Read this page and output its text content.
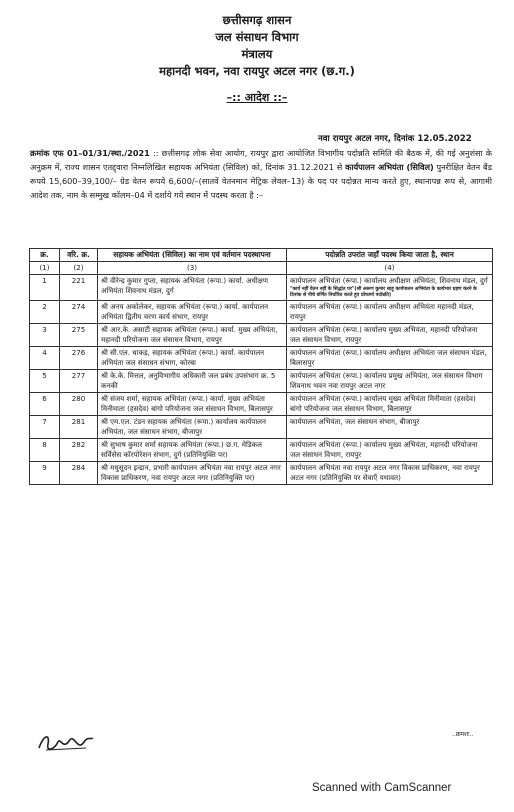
छत्तीसगढ़ शासन
जल संसाधन विभाग
मंत्रालय
महानदी भवन, नवा रायपुर अटल नगर (छ.ग.)
–:: आदेश ::–
नवा रायपुर अटल नगर, दिनांक 12.05.2022
क्रमांक एफ 01–01/31/स्था./2021 :: छत्तीसगढ़ लोक सेवा आयोग, रायपुर द्वारा आयोजित विभागीय पदोन्नति समिति की बैठक में, की गई अनुशंसा के अनुक्रम में, राज्य शासन एतद्द्वारा निम्नलिखित सहायक अभियंता (सिविल) को, दिनांक 31.12.2021 से कार्यपालन अभियंता (सिविल) पुनरीक्षित वेतन बैंड रूपये 15,600–39,100/– ग्रेड वेतन रूपये 6,600/–(सातवें वेतनमान मेट्रिक लेवल–13) के पद पर पदोन्नत मान्य करते हुए, स्थानापन्न रूप से, आगामी आदेश तक, नाम के सम्मुख कॉलम–04 में दर्शाये गये स्थान में पदस्थ करता है :–
क्र.	वरि. क्र.	सहायक अभियंता (सिविल) का नाम एवं वर्तमान पदस्थापना	पदोन्नति उपरांत जहाँ पदस्थ किया जाता है, स्थान
(1)	(2)	(3)	(4)
1	221	श्री वीरेन्द्र कुमार गुप्ता, सहायक अभियंता (रूपा.) कार्या. अधीक्षण अभियंता शिवनाथ मंडल, दुर्ग	कार्यपालन अभियंता (रूपा.) कार्यालय अधीक्षण अभियंता, शिवनाथ मंडल, दुर्ग
"कार्य नहीं वेतन नहीं के सिद्धांत पर"(श्री अरूण कुमार साहू कार्यपालन अभियंता के कार्यभार ग्रहण करने के दिनांक से नीचे वर्णित निर्धारित करते हुए प्रोफार्मा पदोन्नति)

2	274	श्री अनय अकोलेकर, सहायक अभियंता (रूपा.) कार्या. कार्यपालन अभियंता द्वितीय चरण कार्य संभाग, रायपुर	कार्यपालन अभियंता (रूपा.) कार्यालय अधीक्षण अभियंता महानदी मंडल, रायपुर
3	275	श्री आर.के. असाटी सहायक अभियंता (रूपा.) कार्या. मुख्य अभियंता, महानदी परियोजना जल संसाधन विभाग, रायपुर	कार्यपालन अभियंता (रूपा.) कार्यालय मुख्य अभियंता, महानदी परियोजना जल संसाधन विभाग, रायपुर
4	276	श्री सी.एल. धाकड़, सहायक अभियंता (रूपा.) कार्या. कार्यपालन अभियंता जल संसाधन संभाग, कोरबा	कार्यपालन अभियंता (रूपा.) कार्यालय अधीक्षण अभियंता जल संसाधन मंडल, बिलासपुर
5	277	श्री के.के. मित्तल, अनुविभागीय अधिकारी जल प्रबंध उपसंभाग क्र. 5 कनकी	कार्यपालन अभियंता (रूपा.) कार्यालय प्रमुख अभियंता, जल संसाधन विभाग शिवनाथ भवन नवा रायपुर अटल नगर
6	280	श्री संजय शर्मा, सहायक अभियंता (रूपा.) कार्या. मुख्य अभियंता मिनीमाता (हसदेव) बांगो परियोजना जल संसाधन विभाग, बिलासपुर	कार्यपालन अभियंता (रूपा.) कार्यालय मुख्य अभियंता मिनीमाता (हसदेव) बांगो परियोजना जल संसाधन विभाग, बिलासपुर
7	281	श्री एम.एल. टंडन सहायक अभियंता (रूपा.) कार्यालय कार्यपालन अभियंता, जल संसाधन संभाग, बीजापुर	कार्यपालन अभियंता, जल संसाधन संभाग, बीजापुर
8	282	श्री सुभाष कुमार शर्मा सहायक अभियंता (रूपा.) छ.ग. मेडिकल सर्विसेस कॉरपोरेशन संभाग, दुर्ग (प्रतिनियुक्ति पर)	कार्यपालन अभियंता (रूपा.) कार्यालय मुख्य अभियंता, महानदी परियोजना जल संसाधन विभाग, रायपुर
9	284	श्री मधुसूदन इन्द्रान, प्रभारी कार्यपालन अभियंता नवा रायपुर अटल नगर विकास प्राधिकरण, नवा रायपुर अटल नगर (प्रतिनियुक्ति पर)	कार्यपालन अभियंता नवा रायपुर अटल नगर विकास प्राधिकरण, नवा रायपुर अटल नगर (प्रतिनियुक्ति पर सेवाएँ यथावत)
..क्रमशः..
Scanned with CamScanner
